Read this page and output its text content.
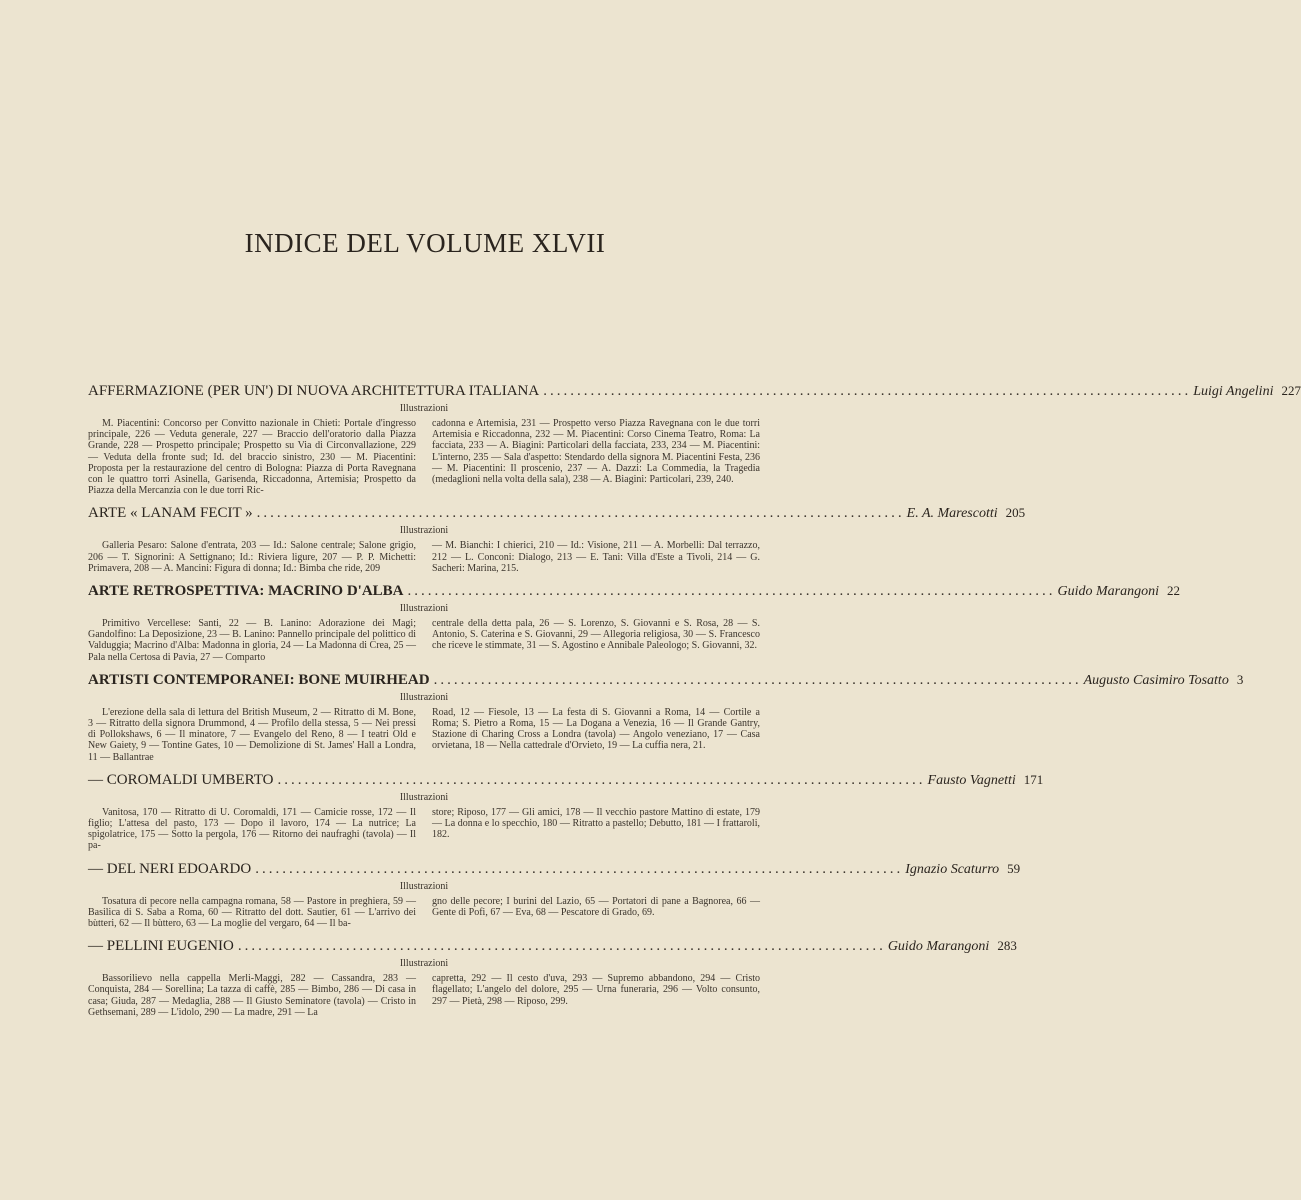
INDICE DEL VOLUME XLVII
AFFERMAZIONE (PER UN') DI NUOVA ARCHITETTURA ITALIANA ................................................................................................ Luigi Angelini 227
Illustrazioni

M. Piacentini: Concorso per Convitto nazionale in Chieti: Portale d'ingresso principale, 226 — Veduta generale, 227 — Braccio dell'oratorio dalla Piazza Grande, 228 — Prospetto principale; Prospetto su Via di Circonvallazione, 229 — Veduta della fronte sud; Id. del braccio sinistro, 230 — M. Piacentini: Proposta per la restaurazione del centro di Bologna: Piazza di Porta Ravegnana con le quattro torri Asinella, Garisenda, Riccadonna, Artemisia; Prospetto da Piazza della Mercanzia con le due torri Ric-

cadonna e Artemisia, 231 — Prospetto verso Piazza Ravegnana con le due torri Artemisia e Riccadonna, 232 — M. Piacentini: Corso Cinema Teatro, Roma: La facciata, 233 — A. Biagini: Particolari della facciata, 233, 234 — M. Piacentini: L'interno, 235 — Sala d'aspetto: Stendardo della signora M. Piacentini Festa, 236 — M. Piacentini: Il proscenio, 237 — A. Dazzi: La Commedia, la Tragedia (medaglioni nella volta della sala), 238 — A. Biagini: Particolari, 239, 240.

ARTE « LANAM FECIT » ................................................................................................ E. A. Marescotti 205
Illustrazioni

Galleria Pesaro: Salone d'entrata, 203 — Id.: Salone centrale; Salone grigio, 206 — T. Signorini: A Settignano; Id.: Riviera ligure, 207 — P. P. Michetti: Primavera, 208 — A. Mancini: Figura di donna; Id.: Bimba che ride, 209

— M. Bianchi: I chierici, 210 — Id.: Visione, 211 — A. Morbelli: Dal terrazzo, 212 — L. Conconi: Dialogo, 213 — E. Tani: Villa d'Este a Tivoli, 214 — G. Sacheri: Marina, 215.

ARTE RETROSPETTIVA: MACRINO D'ALBA ................................................................................................ Guido Marangoni 22
Illustrazioni

Primitivo Vercellese: Santi, 22 — B. Lanino: Adorazione dei Magi; Gandolfino: La Deposizione, 23 — B. Lanino: Pannello principale del polittico di Valduggia; Macrino d'Alba: Madonna in gloria, 24 — La Madonna di Crea, 25 — Pala nella Certosa di Pavia, 27 — Comparto

centrale della detta pala, 26 — S. Lorenzo, S. Giovanni e S. Rosa, 28 — S. Antonio, S. Caterina e S. Giovanni, 29 — Allegoria religiosa, 30 — S. Francesco che riceve le stimmate, 31 — S. Agostino e Annibale Paleologo; S. Giovanni, 32.

ARTISTI CONTEMPORANEI: BONE MUIRHEAD ................................................................................................ Augusto Casimiro Tosatto 3
Illustrazioni

L'erezione della sala di lettura del British Museum, 2 — Ritratto di M. Bone, 3 — Ritratto della signora Drummond, 4 — Profilo della stessa, 5 — Nei pressi di Pollokshaws, 6 — Il minatore, 7 — Evangelo del Reno, 8 — I teatri Old e New Gaiety, 9 — Tontine Gates, 10 — Demolizione di St. James' Hall a Londra, 11 — Ballantrae

Road, 12 — Fiesole, 13 — La festa di S. Giovanni a Roma, 14 — Cortile a Roma; S. Pietro a Roma, 15 — La Dogana a Venezia, 16 — Il Grande Gantry, Stazione di Charing Cross a Londra (tavola) — Angolo veneziano, 17 — Casa orvietana, 18 — Nella cattedrale d'Orvieto, 19 — La cuffia nera, 21.

— COROMALDI UMBERTO ................................................................................................ Fausto Vagnetti 171
Illustrazioni

Vanitosa, 170 — Ritratto di U. Coromaldi, 171 — Camicie rosse, 172 — Il figlio; L'attesa del pasto, 173 — Dopo il lavoro, 174 — La nutrice; La spigolatrice, 175 — Sotto la pergola, 176 — Ritorno dei naufraghi (tavola) — Il pa-

store; Riposo, 177 — Gli amici, 178 — Il vecchio pastore Mattino di estate, 179 — La donna e lo specchio, 180 — Ritratto a pastello; Debutto, 181 — I frattaroli, 182.

— DEL NERI EDOARDO ................................................................................................ Ignazio Scaturro 59
Illustrazioni

Tosatura di pecore nella campagna romana, 58 — Pastore in preghiera, 59 — Basilica di S. Saba a Roma, 60 — Ritratto del dott. Sautier, 61 — L'arrivo dei bùtteri, 62 — Il bùttero, 63 — La moglie del vergaro, 64 — Il ba-

gno delle pecore; I burini del Lazio, 65 — Portatori di pane a Bagnorea, 66 — Gente di Pofi, 67 — Eva, 68 — Pescatore di Grado, 69.

— PELLINI EUGENIO ................................................................................................ Guido Marangoni 283
Illustrazioni

Bassorilievo nella cappella Merli-Maggi, 282 — Cassandra, 283 — Conquista, 284 — Sorellina; La tazza di caffè, 285 — Bimbo, 286 — Di casa in casa; Giuda, 287 — Medaglia, 288 — Il Giusto Seminatore (tavola) — Cristo in Gethsemani, 289 — L'idolo, 290 — La madre, 291 — La

capretta, 292 — Il cesto d'uva, 293 — Supremo abbandono, 294 — Cristo flagellato; L'angelo del dolore, 295 — Urna funeraria, 296 — Volto consunto, 297 — Pietà, 298 — Riposo, 299.
